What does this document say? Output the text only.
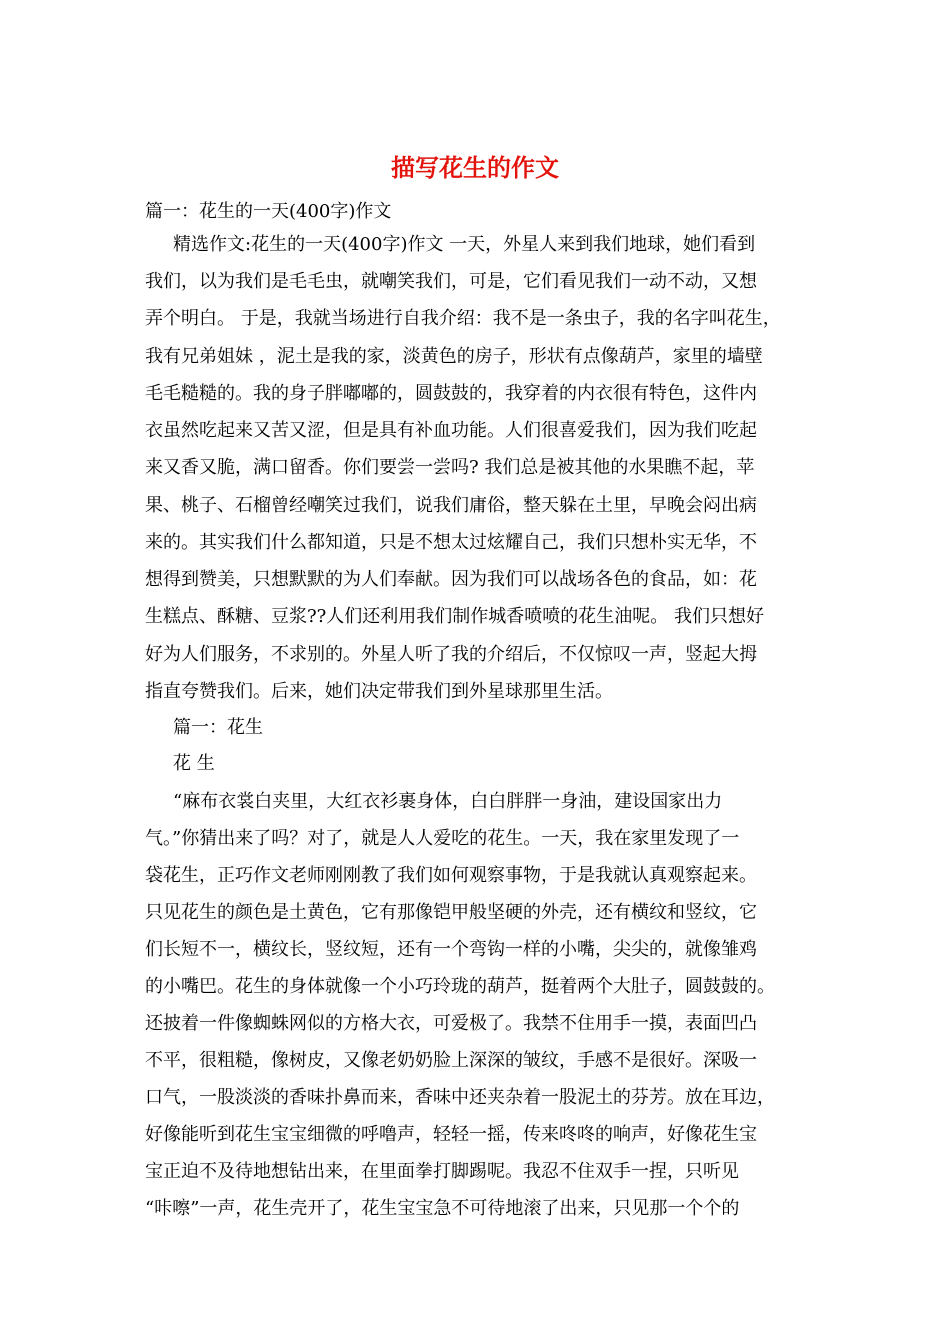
描写花生的作文
篇一：花生的一天(400字)作文
精选作文:花生的一天(400字)作文 一天，外星人来到我们地球，她们看到
我们，以为我们是毛毛虫，就嘲笑我们，可是，它们看见我们一动不动，又想
弄个明白。 于是，我就当场进行自我介绍：我不是一条虫子，我的名字叫花生，
我有兄弟姐妹 ，泥土是我的家，淡黄色的房子，形状有点像葫芦，家里的墙壁
毛毛糙糙的。我的身子胖嘟嘟的，圆鼓鼓的，我穿着的内衣很有特色，这件内
衣虽然吃起来又苦又涩，但是具有补血功能。人们很喜爱我们，因为我们吃起
来又香又脆，满口留香。你们要尝一尝吗? 我们总是被其他的水果瞧不起，苹
果、桃子、石榴曾经嘲笑过我们，说我们庸俗，整天躲在土里，早晚会闷出病
来的。其实我们什么都知道，只是不想太过炫耀自己，我们只想朴实无华，不
想得到赞美，只想默默的为人们奉献。因为我们可以战场各色的食品，如：花
生糕点、酥糖、豆浆??人们还利用我们制作城香喷喷的花生油呢。 我们只想好
好为人们服务，不求别的。外星人听了我的介绍后，不仅惊叹一声，竖起大拇
指直夸赞我们。后来，她们决定带我们到外星球那里生活。
篇一：花生
花 生
“麻布衣裳白夹里，大红衣衫裹身体，白白胖胖一身油，建设国家出力
气。”你猜出来了吗？对了，就是人人爱吃的花生。一天，我在家里发现了一
袋花生，正巧作文老师刚刚教了我们如何观察事物，于是我就认真观察起来。
只见花生的颜色是土黄色，它有那像铠甲般坚硬的外壳，还有横纹和竖纹，它
们长短不一，横纹长，竖纹短，还有一个弯钩一样的小嘴，尖尖的，就像雏鸡
的小嘴巴。花生的身体就像一个小巧玲珑的葫芦，挺着两个大肚子，圆鼓鼓的。
还披着一件像蜘蛛网似的方格大衣，可爱极了。我禁不住用手一摸，表面凹凸
不平，很粗糙，像树皮，又像老奶奶脸上深深的皱纹，手感不是很好。深吸一
口气，一股淡淡的香味扑鼻而来，香味中还夹杂着一股泥土的芬芳。放在耳边，
好像能听到花生宝宝细微的呼噜声，轻轻一摇，传来咚咚的响声，好像花生宝
宝正迫不及待地想钻出来，在里面拳打脚踢呢。我忍不住双手一捏，只听见
“咔嚓”一声，花生壳开了，花生宝宝急不可待地滚了出来，只见那一个个的
